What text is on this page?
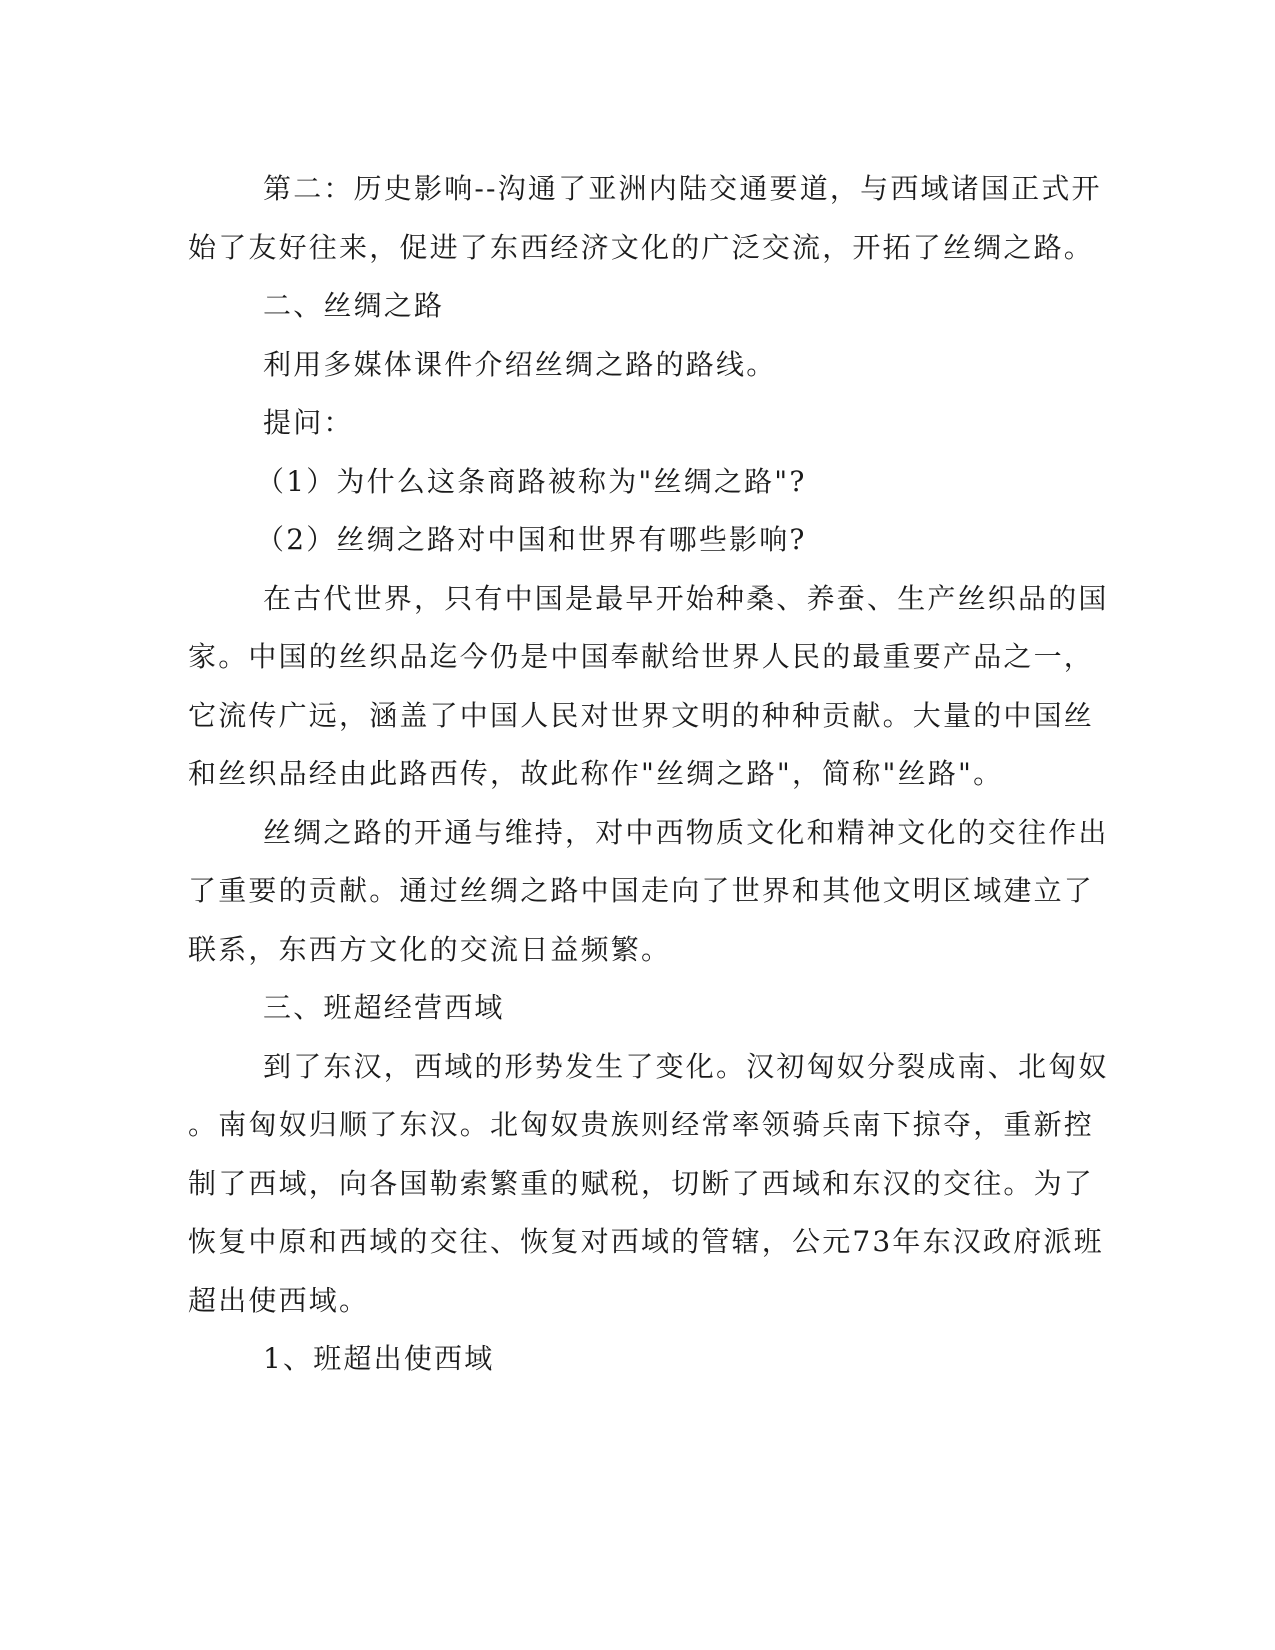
第二：历史影响--沟通了亚洲内陆交通要道，与西域诸国正式开
始了友好往来，促进了东西经济文化的广泛交流，开拓了丝绸之路。
二、丝绸之路
利用多媒体课件介绍丝绸之路的路线。
提问：
（1）为什么这条商路被称为"丝绸之路"?
（2）丝绸之路对中国和世界有哪些影响?
在古代世界，只有中国是最早开始种桑、养蚕、生产丝织品的国
家。中国的丝织品迄今仍是中国奉献给世界人民的最重要产品之一，
它流传广远，涵盖了中国人民对世界文明的种种贡献。大量的中国丝
和丝织品经由此路西传，故此称作"丝绸之路"，简称"丝路"。
丝绸之路的开通与维持，对中西物质文化和精神文化的交往作出
了重要的贡献。通过丝绸之路中国走向了世界和其他文明区域建立了
联系，东西方文化的交流日益频繁。
三、班超经营西域
到了东汉，西域的形势发生了变化。汉初匈奴分裂成南、北匈奴
。南匈奴归顺了东汉。北匈奴贵族则经常率领骑兵南下掠夺，重新控
制了西域，向各国勒索繁重的赋税，切断了西域和东汉的交往。为了
恢复中原和西域的交往、恢复对西域的管辖，公元73年东汉政府派班
超出使西域。
1、班超出使西域
